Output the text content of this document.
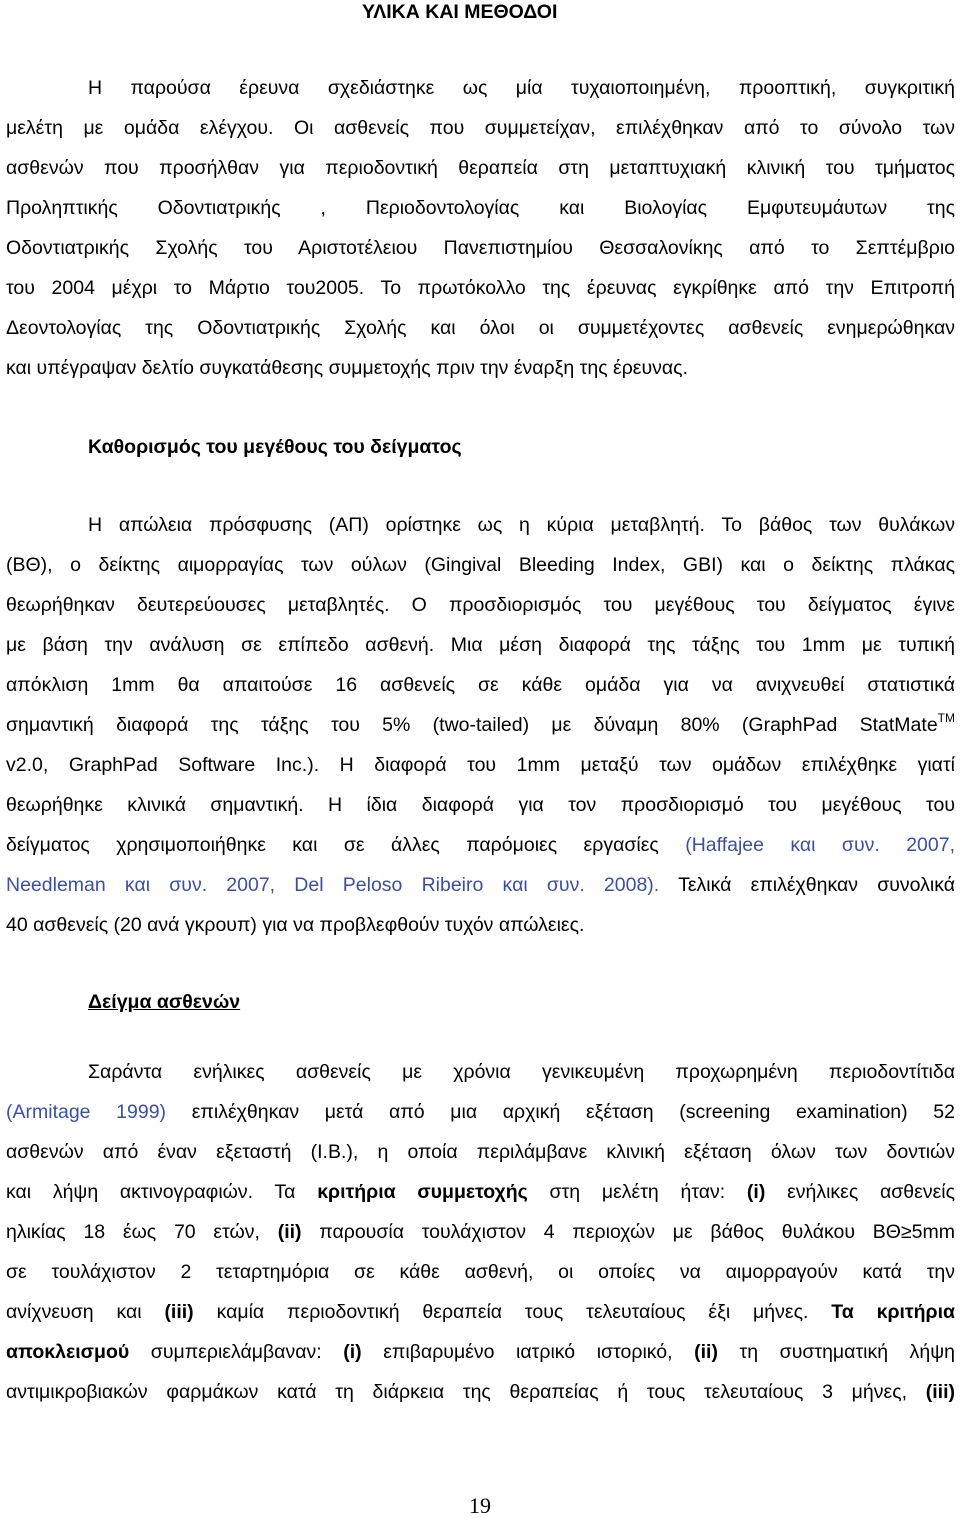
ΥΛΙΚΑ ΚΑΙ ΜΕΘΟΔΟΙ
Η παρούσα έρευνα σχεδιάστηκε ως μία τυχαιοποιημένη, προοπτική, συγκριτική
μελέτη με ομάδα ελέγχου. Οι ασθενείς που συμμετείχαν, επιλέχθηκαν από το σύνολο των
ασθενών που προσήλθαν για περιοδοντική θεραπεία στη μεταπτυχιακή κλινική του τμήματος
Προληπτικής Οδοντιατρικής , Περιοδοντολογίας και Βιολογίας Εμφυτευμάυτων της
Οδοντιατρικής Σχολής του Αριστοτέλειου Πανεπιστημίου Θεσσαλονίκης από το Σεπτέμβριο
του 2004 μέχρι το Μάρτιο του2005. Το πρωτόκολλο της έρευνας εγκρίθηκε από την Επιτροπή
Δεοντολογίας της Οδοντιατρικής Σχολής και όλοι οι συμμετέχοντες ασθενείς ενημερώθηκαν
και υπέγραψαν δελτίο συγκατάθεσης συμμετοχής πριν την έναρξη της έρευνας.
Καθορισμός του μεγέθους του δείγματος
Η απώλεια πρόσφυσης (ΑΠ) ορίστηκε ως η κύρια μεταβλητή. Το βάθος των θυλάκων
(ΒΘ), ο δείκτης αιμορραγίας των ούλων (Gingival Bleeding Index, GBI) και ο δείκτης πλάκας
θεωρήθηκαν δευτερεύουσες μεταβλητές. Ο προσδιορισμός του μεγέθους του δείγματος έγινε
με βάση την ανάλυση σε επίπεδο ασθενή. Μια μέση διαφορά της τάξης του 1mm με τυπική
απόκλιση 1mm θα απαιτούσε 16 ασθενείς σε κάθε ομάδα για να ανιχνευθεί στατιστικά
σημαντική διαφορά της τάξης του 5% (two-tailed) με δύναμη 80% (GraphPad StatMate™
v2.0, GraphPad Software Inc.). Η διαφορά του 1mm μεταξύ των ομάδων επιλέχθηκε γιατί
θεωρήθηκε κλινικά σημαντική. Η ίδια διαφορά για τον προσδιορισμό του μεγέθους του
δείγματος χρησιμοποιήθηκε και σε άλλες παρόμοιες εργασίες (Haffajee και συν. 2007,
Needleman και συν. 2007, Del Peloso Ribeiro και συν. 2008). Τελικά επιλέχθηκαν συνολικά
40 ασθενείς (20 ανά γκρουπ) για να προβλεφθούν τυχόν απώλειες.
Δείγμα ασθενών
Σαράντα ενήλικες ασθενείς με χρόνια γενικευμένη προχωρημένη περιοδοντίτιδα
(Armitage 1999) επιλέχθηκαν μετά από μια αρχική εξέταση (screening examination) 52
ασθενών από έναν εξεταστή (I.B.), η οποία περιλάμβανε κλινική εξέταση όλων των δοντιών
και λήψη ακτινογραφιών. Τα κριτήρια συμμετοχής στη μελέτη ήταν: (i) ενήλικες ασθενείς
ηλικίας 18 έως 70 ετών, (ii) παρουσία τουλάχιστον 4 περιοχών με βάθος θυλάκου ΒΘ≥5mm
σε τουλάχιστον 2 τεταρτημόρια σε κάθε ασθενή, οι οποίες να αιμορραγούν κατά την
ανίχνευση και (iii) καμία περιοδοντική θεραπεία τους τελευταίους έξι μήνες. Τα κριτήρια
αποκλεισμού συμπεριελάμβαναν: (i) επιβαρυμένο ιατρικό ιστορικό, (ii) τη συστηματική λήψη
αντιμικροβιακών φαρμάκων κατά τη διάρκεια της θεραπείας ή τους τελευταίους 3 μήνες, (iii)
19
